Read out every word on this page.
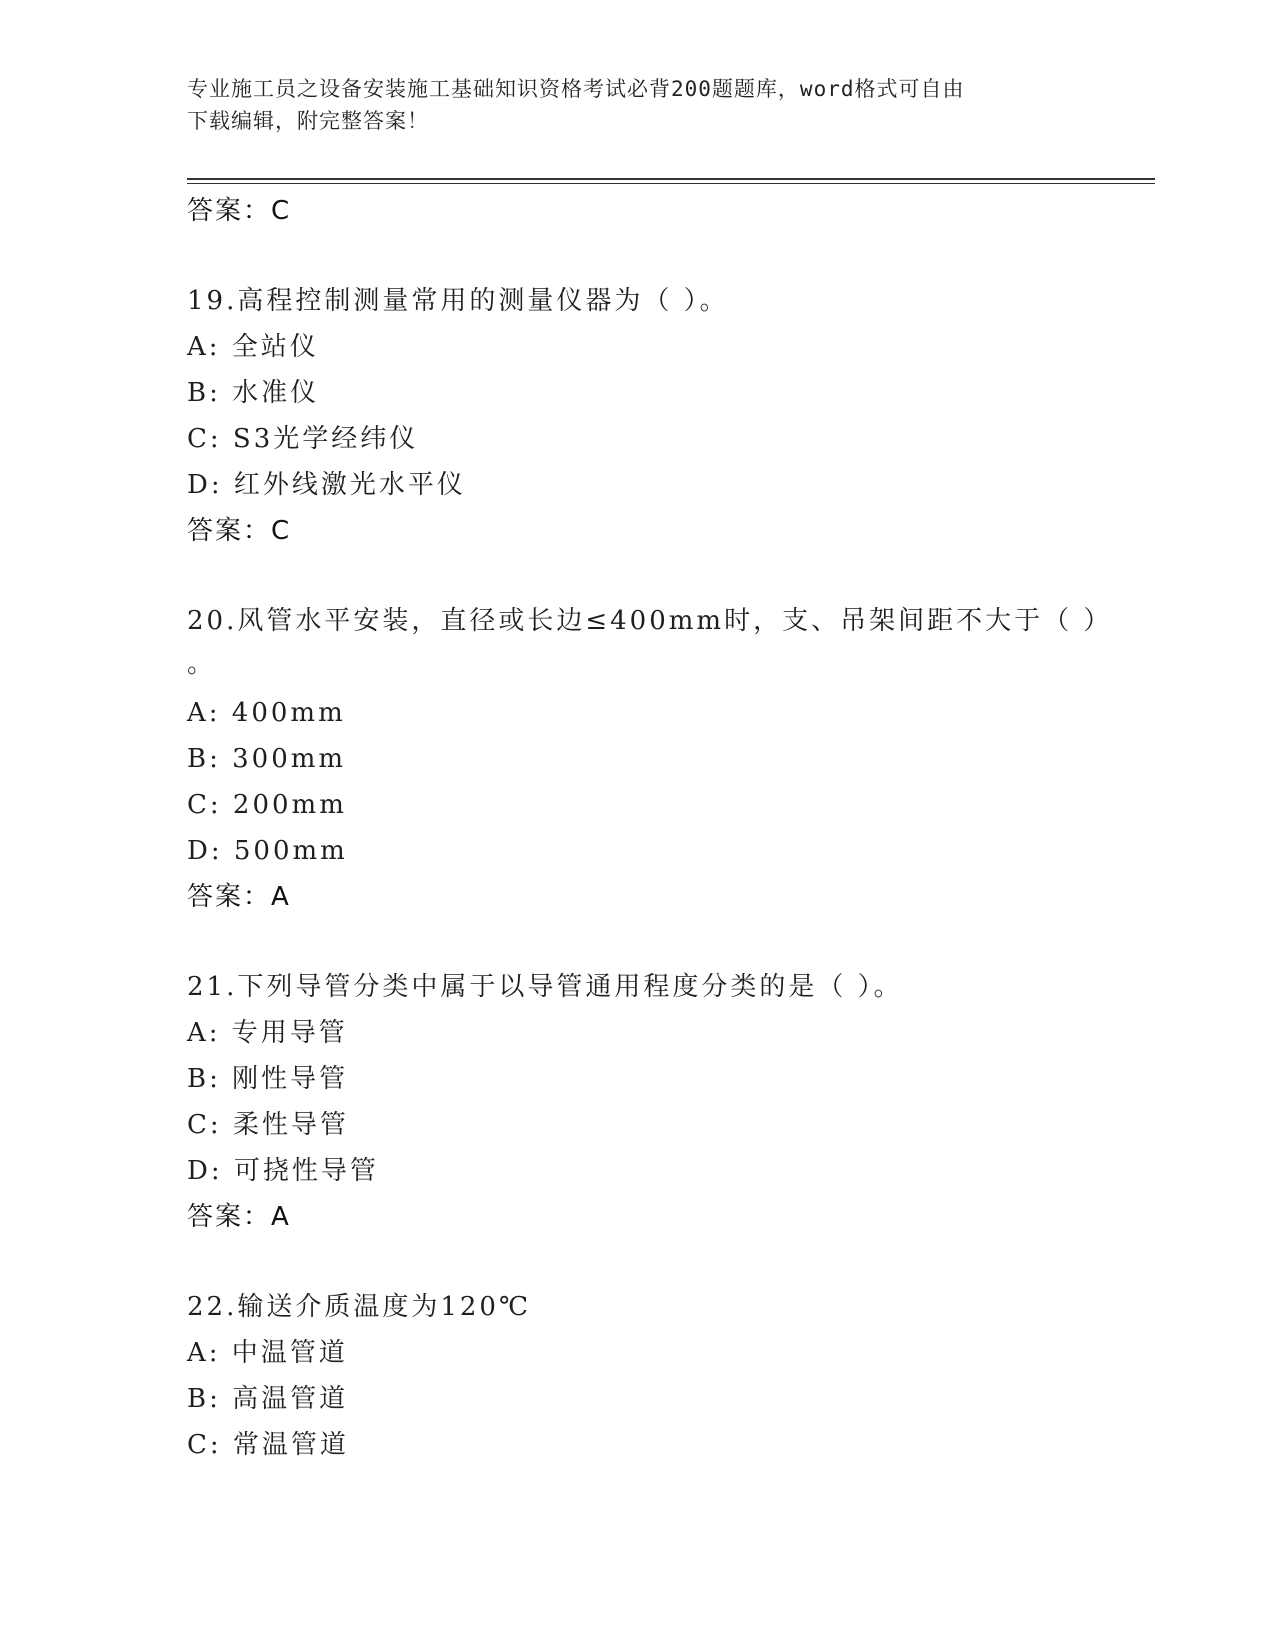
专业施工员之设备安装施工基础知识资格考试必背200题题库，word格式可自由
下载编辑，附完整答案！
答案：C
19.高程控制测量常用的测量仪器为（ ）。
A: 全站仪
B: 水准仪
C: S3光学经纬仪
D: 红外线激光水平仪
答案：C
20.风管水平安装，直径或长边≤400mm时，支、吊架间距不大于（ ）
。
A: 400mm
B: 300mm
C: 200mm
D: 500mm
答案：A
21.下列导管分类中属于以导管通用程度分类的是（ ）。
A: 专用导管
B: 刚性导管
C: 柔性导管
D: 可挠性导管
答案：A
22.输送介质温度为120℃
A: 中温管道
B: 高温管道
C: 常温管道
